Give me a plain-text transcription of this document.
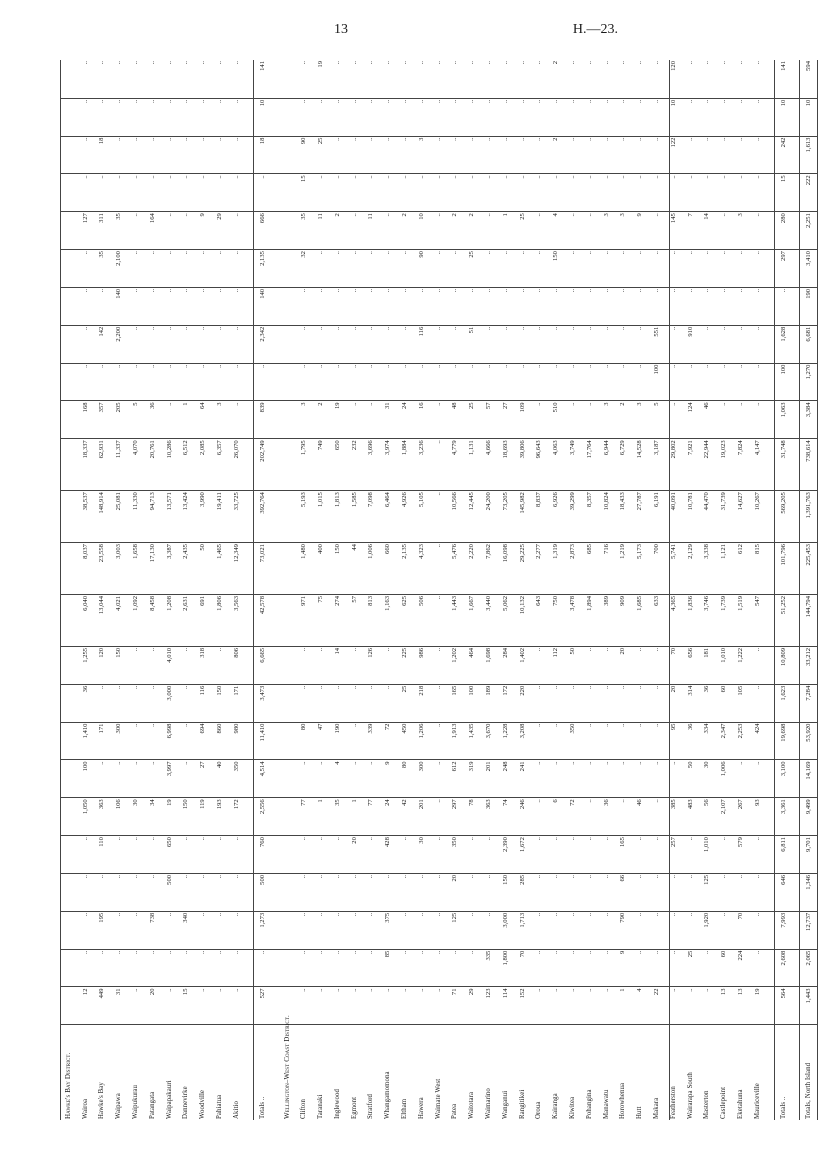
13	H.—23.
Hawke's Bay District.																								
Wairoa	12	..	..	..	..	1,050	100	1,410	36	1,255	6,040	8,037	38,537	18,337	168	..	..	..	..	127	..	..	..	..
Hawke's Bay	449	..	195	..	110	363	..	171	..	120	13,044	23,558	148,914	62,931	357	..	142	..	35	311	..	18	..	..
Waipawa	31	..	..	..	..	106	..	300	..	150	4,021	3,003	25,081	11,337	205	..	2,200	140	2,100	35	..	..	..	..
Waipukurau	..	..	..	..	..	30	..	..	..	..	1,092	1,658	11,330	4,070	5	..	..	..	..	..	..	..	..	..
Patangata	20	..	738	..	..	34	..	..	..	..	8,458	17,130	94,713	20,761	36	..	..	..	..	164	..	..	..	..
Waipapakauri	..	..	..	500	650	19	3,997	6,998	3,000	4,010	1,208	3,387	13,571	10,286	..	..	..	..	..	..	..	..	..	..
Dannevirke	15	..	340	..	..	150	..	..	..	..	2,631	2,435	13,424	6,512	1	..	..	..	..	..	..	..	..	..
Woodville	..	..	..	..	..	119	27	694	116	318	691	50	3,990	2,085	64	..	..	..	..	9	..	..	..	..
Pahiatua	..	..	..	..	..	193	40	860	150	..	1,806	1,465	19,411	6,357	3	..	..	..	..	29	..	..	..	..
Akitio	..	..	..	..	..	172	350	980	171	806	3,563	12,349	33,725	26,070	..	..	..	..	..	..	..	..	..	..

Totals ..	527	..	1,273	500	760	2,556	4,514	11,410	3,473	6,665	42,578	73,021	392,764	202,749	839	..	2,342	140	2,135	666	..	18	10	141

Wellington–West Coast District.																								
Clifton	..	..	..	..	..	77	..	80	..	..	971	1,480	5,193	1,795	3	..	..	..	32	35	15	90	..	..
Taranaki	..	..	..	..	..	1	..	47	..	..	75	400	1,015	749	2	..	..	..	..	11	..	25	..	19
Inglewood	..	..	..	..	..	35	4	190	..	14	274	150	1,813	650	19	..	..	..	..	2	..	..	..	..
Egmont	..	..	..	..	20	1	..	..	..	..	57	44	1,585	232	..	..	..	..	..	..	..	..	..	..
Stratford	..	..	..	..	..	77	..	339	..	126	813	1,006	7,098	3,696	..	..	..	..	..	11	..	..	..	..
Whangamomona	..	85	375	..	428	24	9	72	..	..	1,163	660	6,464	3,974	31	..	..	..	..	..	..	..	..	..
Eltham	..	..	..	..	..	42	80	450	25	225	625	2,135	4,926	1,884	24	..	..	..	..	2	..	..	..	..
Hawera	..	..	..	..	30	201	300	1,206	218	986	506	4,323	5,105	3,236	16	..	116	..	90	10	..	3	..	..
Waimate West	..	..	..	..	..	..	..	..	..	..	..	..	..	..	..	..	..	..	..	..	..	..	..	..
Patea	71	..	125	20	350	297	612	1,913	165	1,202	1,443	5,476	10,566	4,779	48	..	..	..	..	2	..	..	..	..
Waitotara	29	..	..	..	..	78	319	1,435	100	464	1,667	2,220	12,445	1,131	25	..	51	..	25	2	..	..	..	..
Waimarino	123	335	..	..	..	363	201	3,670	189	1,698	3,440	7,862	24,200	4,666	57	..	..	..	..	..	..	..	..	..
Wanganui	114	1,800	3,000	150	2,390	74	248	1,228	172	284	5,062	16,098	73,205	18,693	27	..	..	..	..	1	..	..	..	..
Rangitikei	152	70	1,713	285	1,672	246	241	3,208	220	1,402	10,132	29,225	145,982	39,806	109	..	..	..	..	25	..	..	..	..
Oroua	..	..	..	..	..	..	..	..	..	..	643	2,277	8,837	96,643	..	..	..	..	..	..	..	..	..	..
Kairanga	..	..	..	..	..	6	..	..	..	112	750	1,319	6,926	4,063	510	..	..	..	150	4	..	2	..	2
Kiwitea	..	..	..	..	..	72	..	350	..	50	3,478	2,873	39,299	3,749	..	..	..	..	..	..	..	..	..	..
Pohangina	..	..	..	..	..	..	..	..	..	..	1,894	685	8,357	17,764	..	..	..	..	..	..	..	..	..	..
Manawatu	..	..	..	..	..	36	..	..	..	..	389	716	10,824	6,944	3	..	..	..	..	3	..	..	..	..
Horowhenua	1	9	790	66	165	..	..	..	..	20	909	1,219	18,433	6,729	2	..	..	..	..	3	..	..	..	..
Hutt	4	..	..	..	..	46	..	..	..	..	1,685	5,173	27,787	14,528	3	..	..	..	..	9	..	..	..	..
Makara	22	..	..	..	..	..	..	..	..	..	633	700	6,191	3,187	5	100	551	..	..	..	..	..	..	..
Featherston	..	..	..	..	257	385	..	95	20	70	4,365	5,741	40,091	29,802	..	..	..	..	..	145	..	122	10	120
Wairarapa South	..	25	..	..	..	483	50	36	314	656	1,836	2,129	10,781	7,921	124	..	910	..	..	7	..	..	..	..
Masterton	..	..	1,920	125	1,010	56	30	334	36	181	3,746	3,338	44,470	22,944	46	..	..	..	..	14	..	..	..	..
Castlepoint	13	60	..	..	..	2,107	1,006	2,347	60	1,010	1,739	1,121	31,739	19,023	..	..	..	..	..	..	..	..	..	..
Eketahuna	13	224	70	..	579	267	..	2,253	105	1,222	1,519	612	14,627	7,824	..	..	..	..	..	3	..	..	..	..
Mauriceville	19	..	..	..	..	93	..	424	..	..	547	815	10,267	4,147	..	..	..	..	..	..	..	..	..	..

Totals ..	564	2,608	7,993	646	6,811	3,361	3,100	19,698	1,623	10,809	51,252	101,796	569,205	31,748	1,063	100	1,628	..	297	280	15	242	10	141

Totals, North Island	1,443	2,065	12,737	1,346	9,701	9,499	14,169	53,920	7,284	33,212	144,794	225,453	1,391,763	738,614	3,384	1,270	6,681	190	3,410	2,251	222	1,613	10	594
